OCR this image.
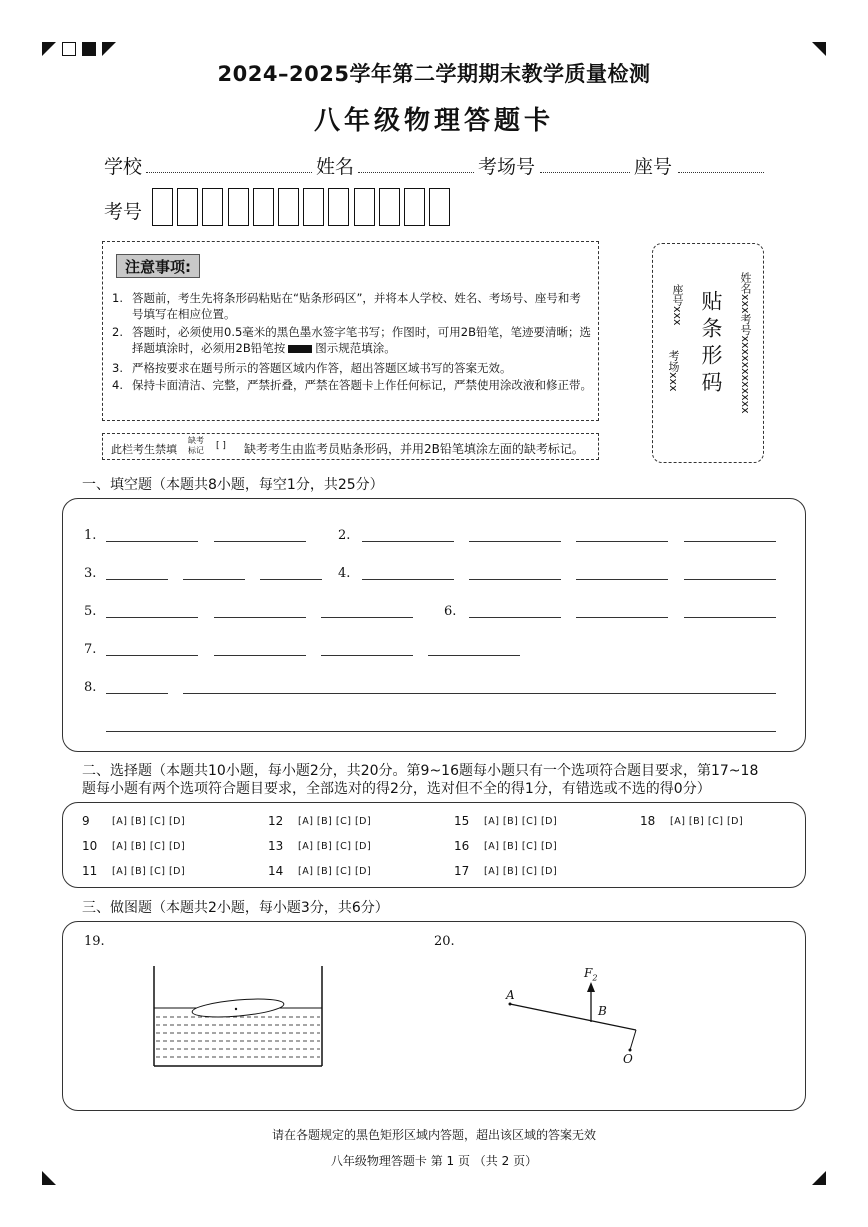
2024–2025学年第二学期期末教学质量检测
八年级物理答题卡
学校	姓名	考场号	座号
考号
注意事项:
1. 答题前，考生先将条形码粘贴在“贴条形码区”，并将本人学校、姓名、考场号、座号和考号填写在相应位置。
2. 答题时，必须使用0.5毫米的黑色墨水签字笔书写；作图时，可用2B铅笔，笔迹要清晰；选择题填涂时，必须用2B铅笔按	图示规范填涂。
3. 严格按要求在题号所示的答题区域内作答，超出答题区域书写的答案无效。
4. 保持卡面清洁、完整，严禁折叠，严禁在答题卡上作任何标记，严禁使用涂改液和修正带。
此栏考生禁填
缺考
标记 [ ] 缺考考生由监考员贴条形码，并用2B铅笔填涂左面的缺考标记。
考场xxx
座号xxx 贴条形码 姓名xxx考号xxxxxxxxxxxx
一、填空题（本题共8小题，每空1分，共25分）
1.	2.
3.	4.
5.	6.
7.
8.
二、选择题（本题共10小题，每小题2分，共20分。第9~16题每小题只有一个选项符合题目要求，第17~18
题每小题有两个选项符合题目要求，全部选对的得2分，选对但不全的得1分，有错选或不选的得0分）
9 [A] [B] [C] [D]
10 [A] [B] [C] [D]
11 [A] [B] [C] [D]
12 [A] [B] [C] [D]
13 [A] [B] [C] [D]
14 [A] [B] [C] [D]
15 [A] [B] [C] [D]
16 [A] [B] [C] [D]
17 [A] [B] [C] [D]
18 [A] [B] [C] [D]
三、做图题（本题共2小题，每小题3分，共6分）
19.	20.
A
B
O
$F_2$
请在各题规定的黑色矩形区域内答题，超出该区域的答案无效
八年级物理答题卡 第 1 页 （共 2 页）
